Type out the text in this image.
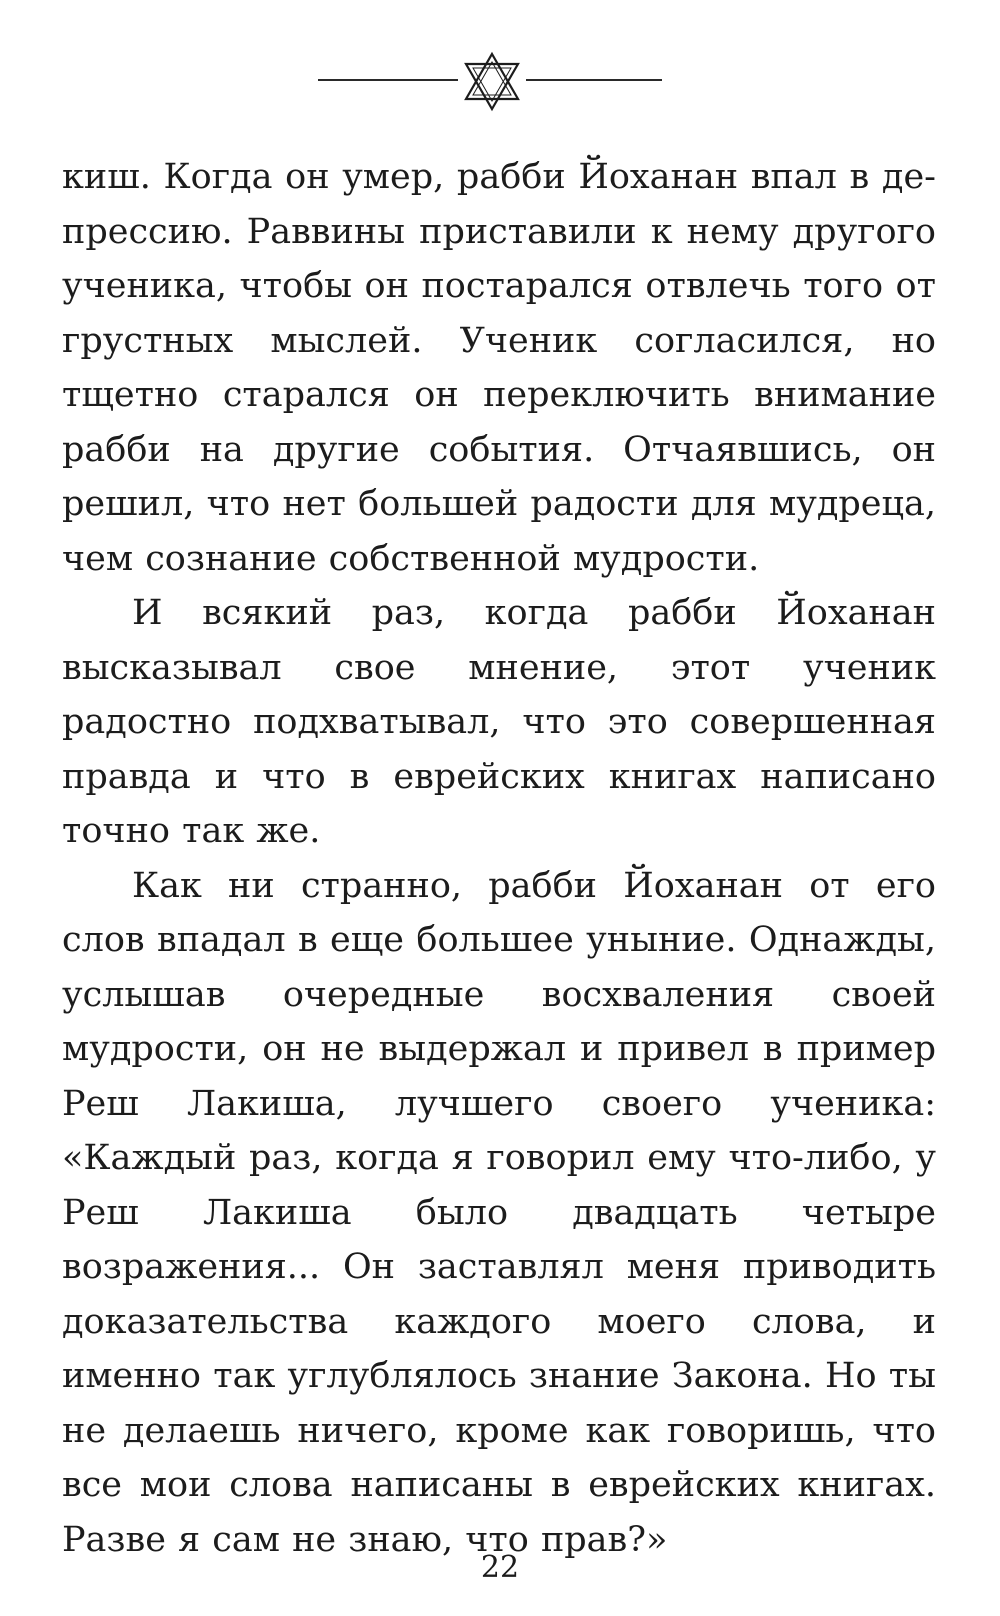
киш. Когда он умер, рабби Йоханан впал в депрессию. Раввины приставили к нему другого ученика, чтобы он постарался отвлечь того от грустных мыслей. Ученик согласился, но тщетно старался он переключить внимание рабби на другие события. Отчаявшись, он решил, что нет большей радости для мудреца, чем сознание собственной мудрости.

И всякий раз, когда рабби Йоханан высказывал свое мнение, этот ученик радостно подхватывал, что это совершенная правда и что в еврейских книгах написано точно так же.

Как ни странно, рабби Йоханан от его слов впадал в еще большее уныние. Однажды, услышав очередные восхваления своей мудрости, он не выдержал и привел в пример Реш Лакиша, лучшего своего ученика: «Каждый раз, когда я говорил ему что-либо, у Реш Лакиша было двадцать четыре возражения... Он заставлял меня приводить доказательства каждого моего слова, и именно так углублялось знание Закона. Но ты не делаешь ничего, кроме как говоришь, что все мои слова написаны в еврейских книгах. Разве я сам не знаю, что прав?»

22
